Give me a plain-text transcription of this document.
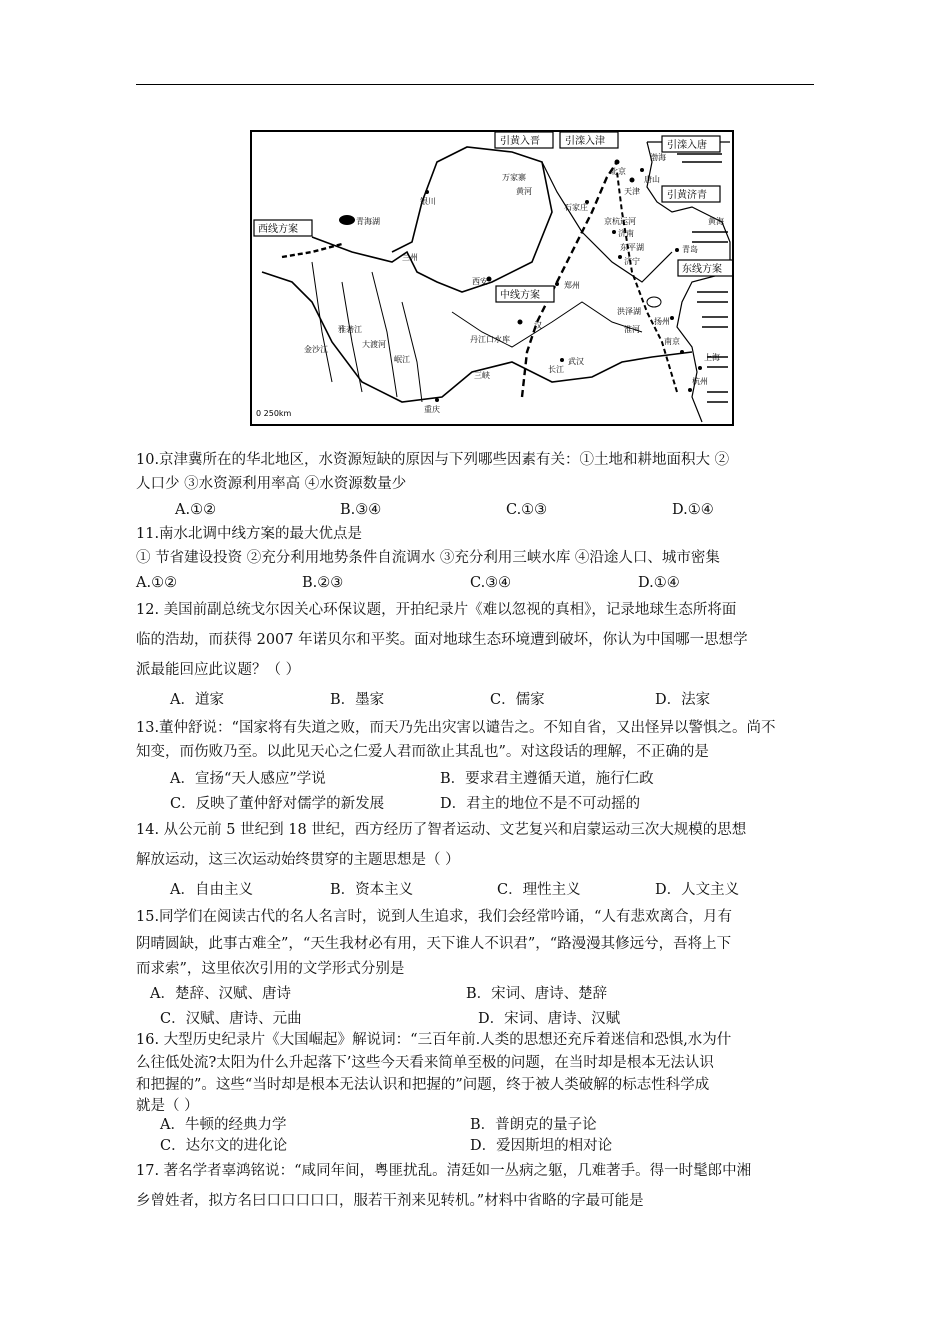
引黄入晋	引滦入津	引滦入唐
引黄济青
西线方案
中线方案
东线方案
北京
天津
唐山
万家寨
石家庄
银川
青海湖
兰州
西安	郑州
济南
东平湖
济宁
青岛
洪泽湖
扬州
南京
上海
杭州
武汉
重庆
三峡
丹江口水库
0 250km
黄河
金沙江
雅砻江
大渡河
岷江
长江
汉	淮河
京杭运河
渤海
黄海
10.京津冀所在的华北地区，水资源短缺的原因与下列哪些因素有关：①土地和耕地面积大 ②
人口少 ③水资源利用率高 ④水资源数量少
A.①②	B.③④	C.①③	D.①④
11.南水北调中线方案的最大优点是
① 节省建设投资 ②充分利用地势条件自流调水 ③充分利用三峡水库 ④沿途人口、城市密集
A.①②	B.②③	C.③④	D.①④
12. 美国前副总统戈尔因关心环保议题，开拍纪录片《难以忽视的真相》，记录地球生态所将面
临的浩劫，而获得 2007 年诺贝尔和平奖。面对地球生态环境遭到破坏，你认为中国哪一思想学
派最能回应此议题？（ ）
A．道家	B．墨家	C．儒家	D．法家
13.董仲舒说：“国家将有失道之败，而天乃先出灾害以谴告之。不知自省，又出怪异以警惧之。尚不
知变，而伤败乃至。以此见天心之仁爱人君而欲止其乱也”。对这段话的理解，不正确的是
A．宣扬“天人感应”学说	B．要求君主遵循天道，施行仁政
C．反映了董仲舒对儒学的新发展	D．君主的地位不是不可动摇的
14. 从公元前 5 世纪到 18 世纪，西方经历了智者运动、文艺复兴和启蒙运动三次大规模的思想
解放运动，这三次运动始终贯穿的主题思想是（ ）
A．自由主义	B．资本主义	C．理性主义	D．人文主义
15.同学们在阅读古代的名人名言时，说到人生追求，我们会经常吟诵，“人有悲欢离合，月有
阴晴圆缺，此事古难全”，“天生我材必有用，天下谁人不识君”，“路漫漫其修远兮，吾将上下
而求索”，这里依次引用的文学形式分别是
A．楚辞、汉赋、唐诗	B．宋词、唐诗、楚辞
C．汉赋、唐诗、元曲	D．宋词、唐诗、汉赋
16. 大型历史纪录片《大国崛起》解说词：“三百年前.人类的思想还充斥着迷信和恐惧,水为什
么往低处流?太阳为什么升起落下’这些今天看来简单至极的问题，在当时却是根本无法认识
和把握的”。这些“当时却是根本无法认识和把握的”问题，终于被人类破解的标志性科学成
就是（ ）
A．牛顿的经典力学	B．普朗克的量子论
C．达尔文的进化论	D．爱因斯坦的相对论
17. 著名学者辜鸿铭说：“咸同年间，粤匪扰乱。清廷如一丛病之躯，几难著手。得一时髦郎中湘
乡曾姓者，拟方名曰口口口口口，服若干剂来见转机。”材料中省略的字最可能是
